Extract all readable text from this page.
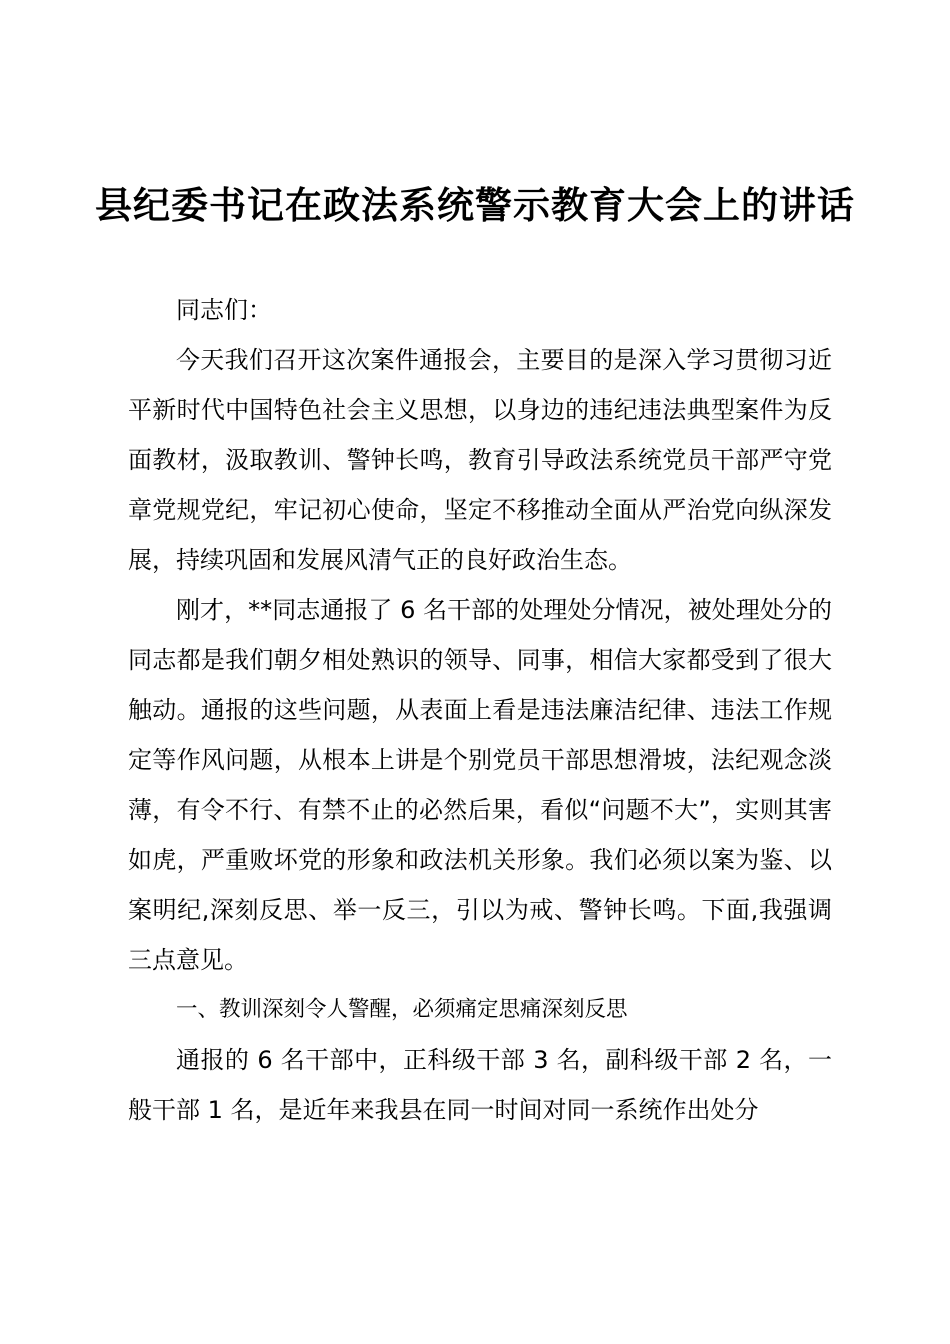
县纪委书记在政法系统警示教育大会上的讲话

同志们：

今天我们召开这次案件通报会，主要目的是深入学习贯彻习近平新时代中国特色社会主义思想，以身边的违纪违法典型案件为反面教材，汲取教训、警钟长鸣，教育引导政法系统党员干部严守党章党规党纪，牢记初心使命，坚定不移推动全面从严治党向纵深发展，持续巩固和发展风清气正的良好政治生态。

刚才，**同志通报了 6 名干部的处理处分情况，被处理处分的同志都是我们朝夕相处熟识的领导、同事，相信大家都受到了很大触动。通报的这些问题，从表面上看是违法廉洁纪律、违法工作规定等作风问题，从根本上讲是个别党员干部思想滑坡，法纪观念淡薄，有令不行、有禁不止的必然后果，看似“问题不大”，实则其害如虎，严重败坏党的形象和政法机关形象。我们必须以案为鉴、以案明纪,深刻反思、举一反三，引以为戒、警钟长鸣。下面,我强调三点意见。

一、教训深刻令人警醒，必须痛定思痛深刻反思

通报的 6 名干部中，正科级干部 3 名，副科级干部 2 名，一般干部 1 名，是近年来我县在同一时间对同一系统作出处分
